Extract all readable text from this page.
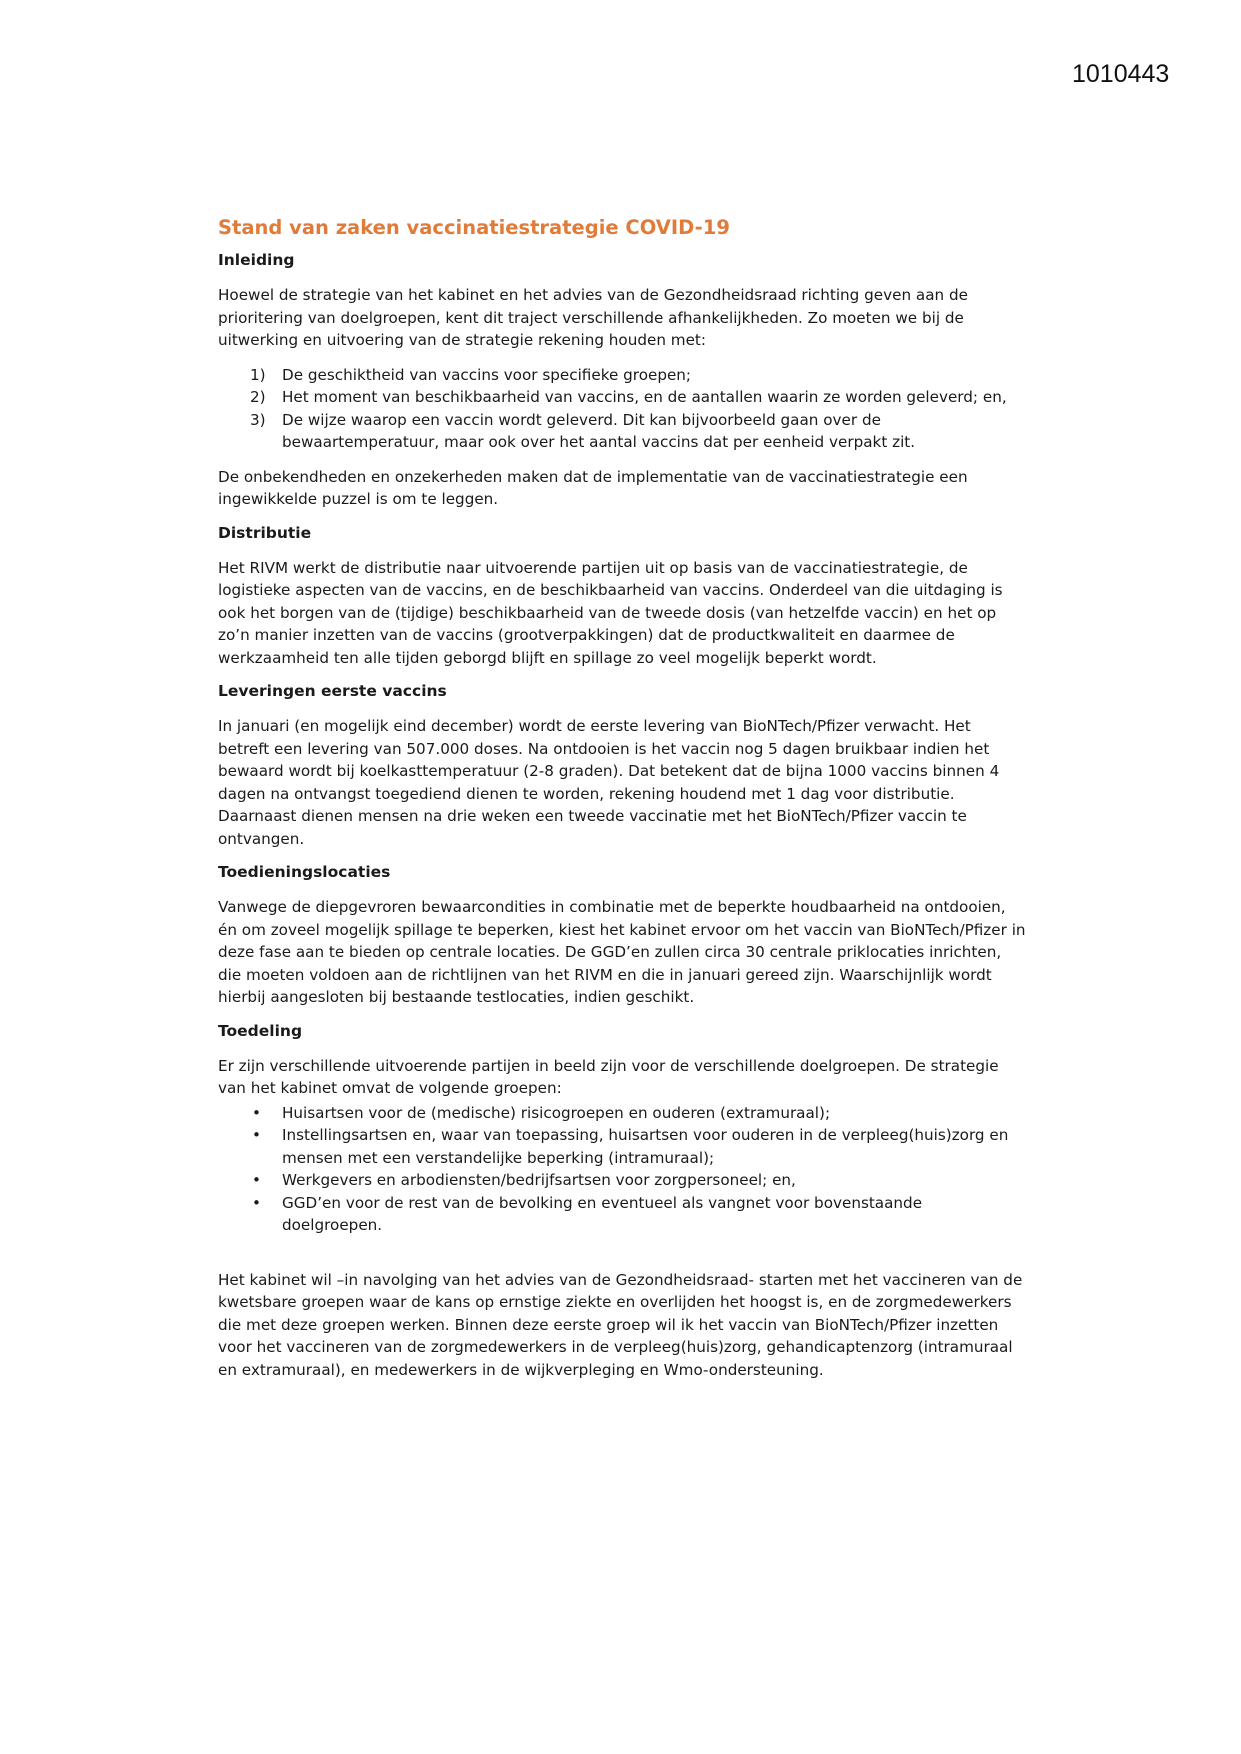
1010443
Stand van zaken vaccinatiestrategie COVID-19
Inleiding

Hoewel de strategie van het kabinet en het advies van de Gezondheidsraad richting geven aan de prioritering van doelgroepen, kent dit traject verschillende afhankelijkheden. Zo moeten we bij de uitwerking en uitvoering van de strategie rekening houden met:

1) De geschiktheid van vaccins voor specifieke groepen;
2) Het moment van beschikbaarheid van vaccins, en de aantallen waarin ze worden geleverd; en,
3) De wijze waarop een vaccin wordt geleverd. Dit kan bijvoorbeeld gaan over de bewaartemperatuur, maar ook over het aantal vaccins dat per eenheid verpakt zit.

De onbekendheden en onzekerheden maken dat de implementatie van de vaccinatiestrategie een ingewikkelde puzzel is om te leggen.

Distributie

Het RIVM werkt de distributie naar uitvoerende partijen uit op basis van de vaccinatiestrategie, de logistieke aspecten van de vaccins, en de beschikbaarheid van vaccins. Onderdeel van die uitdaging is ook het borgen van de (tijdige) beschikbaarheid van de tweede dosis (van hetzelfde vaccin) en het op zo’n manier inzetten van de vaccins (grootverpakkingen) dat de productkwaliteit en daarmee de werkzaamheid ten alle tijden geborgd blijft en spillage zo veel mogelijk beperkt wordt.

Leveringen eerste vaccins

In januari (en mogelijk eind december) wordt de eerste levering van BioNTech/Pfizer verwacht. Het betreft een levering van 507.000 doses. Na ontdooien is het vaccin nog 5 dagen bruikbaar indien het bewaard wordt bij koelkasttemperatuur (2-8 graden). Dat betekent dat de bijna 1000 vaccins binnen 4 dagen na ontvangst toegediend dienen te worden, rekening houdend met 1 dag voor distributie. Daarnaast dienen mensen na drie weken een tweede vaccinatie met het BioNTech/Pfizer vaccin te ontvangen.

Toedieningslocaties

Vanwege de diepgevroren bewaarcondities in combinatie met de beperkte houdbaarheid na ontdooien, én om zoveel mogelijk spillage te beperken, kiest het kabinet ervoor om het vaccin van BioNTech/Pfizer in deze fase aan te bieden op centrale locaties. De GGD’en zullen circa 30 centrale priklocaties inrichten, die moeten voldoen aan de richtlijnen van het RIVM en die in januari gereed zijn. Waarschijnlijk wordt hierbij aangesloten bij bestaande testlocaties, indien geschikt.

Toedeling

Er zijn verschillende uitvoerende partijen in beeld zijn voor de verschillende doelgroepen. De strategie van het kabinet omvat de volgende groepen:

• Huisartsen voor de (medische) risicogroepen en ouderen (extramuraal);
• Instellingsartsen en, waar van toepassing, huisartsen voor ouderen in de verpleeg(huis)zorg en mensen met een verstandelijke beperking (intramuraal);
• Werkgevers en arbodiensten/bedrijfsartsen voor zorgpersoneel; en,
• GGD’en voor de rest van de bevolking en eventueel als vangnet voor bovenstaande doelgroepen.

Het kabinet wil –in navolging van het advies van de Gezondheidsraad- starten met het vaccineren van de kwetsbare groepen waar de kans op ernstige ziekte en overlijden het hoogst is, en de zorgmedewerkers die met deze groepen werken. Binnen deze eerste groep wil ik het vaccin van BioNTech/Pfizer inzetten voor het vaccineren van de zorgmedewerkers in de verpleeg(huis)zorg, gehandicaptenzorg (intramuraal en extramuraal), en medewerkers in de wijkverpleging en Wmo-ondersteuning.
